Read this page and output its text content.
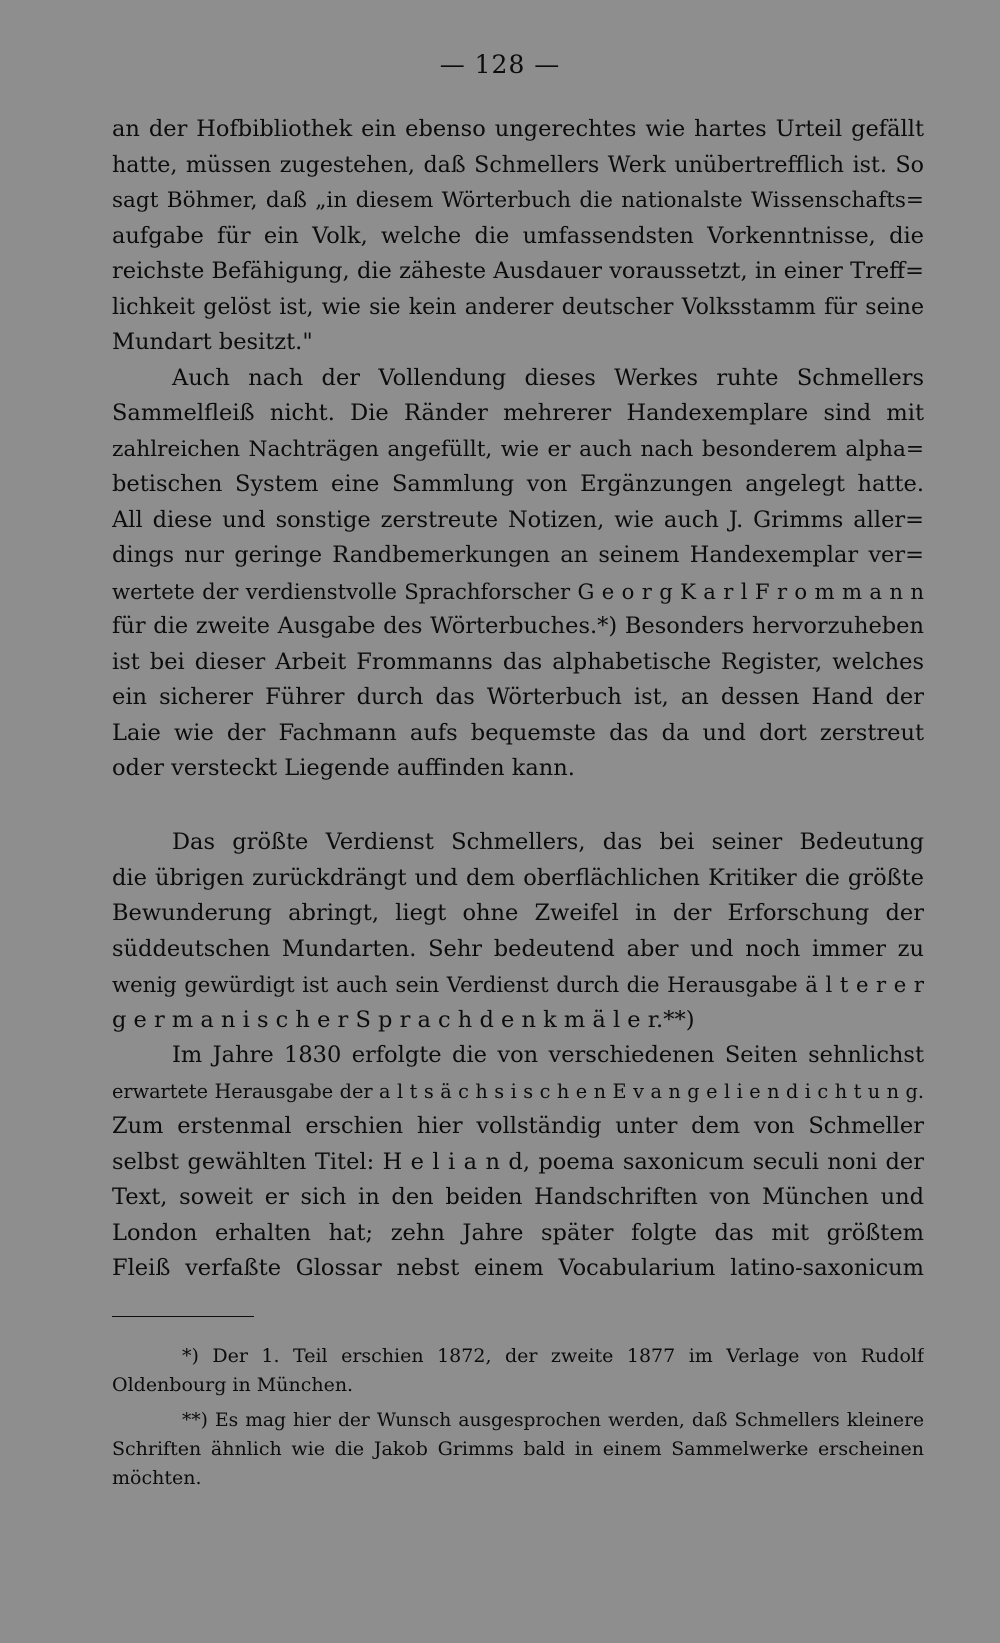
— 128 —
an der Hofbibliothek ein ebenso ungerechtes wie hartes Urteil gefällt
hatte, müssen zugestehen, daß Schmellers Werk unübertrefflich ist. So
sagt Böhmer, daß „in diesem Wörterbuch die nationalste Wissenschafts=
aufgabe für ein Volk, welche die umfassendsten Vorkenntnisse, die
reichste Befähigung, die zäheste Ausdauer voraussetzt, in einer Treff=
lichkeit gelöst ist, wie sie kein anderer deutscher Volksstamm für seine
Mundart besitzt."
Auch nach der Vollendung dieses Werkes ruhte Schmellers
Sammelfleiß nicht. Die Ränder mehrerer Handexemplare sind mit
zahlreichen Nachträgen angefüllt, wie er auch nach besonderem alpha=
betischen System eine Sammlung von Ergänzungen angelegt hatte.
All diese und sonstige zerstreute Notizen, wie auch J. Grimms aller=
dings nur geringe Randbemerkungen an seinem Handexemplar ver=
wertete der verdienstvolle Sprachforscher G e o r g K a r l F r o m m a n n
für die zweite Ausgabe des Wörterbuches.*) Besonders hervorzuheben
ist bei dieser Arbeit Frommanns das alphabetische Register, welches
ein sicherer Führer durch das Wörterbuch ist, an dessen Hand der
Laie wie der Fachmann aufs bequemste das da und dort zerstreut
oder versteckt Liegende auffinden kann.
Das größte Verdienst Schmellers, das bei seiner Bedeutung
die übrigen zurückdrängt und dem oberflächlichen Kritiker die größte
Bewunderung abringt, liegt ohne Zweifel in der Erforschung der
süddeutschen Mundarten. Sehr bedeutend aber und noch immer zu
wenig gewürdigt ist auch sein Verdienst durch die Herausgabe ä l t e r e r
g e r m a n i s c h e r S p r a c h d e n k m ä l e r.**)
Im Jahre 1830 erfolgte die von verschiedenen Seiten sehnlichst
erwartete Herausgabe der a l t s ä c h s i s c h e n E v a n g e l i e n d i c h t u n g.
Zum erstenmal erschien hier vollständig unter dem von Schmeller
selbst gewählten Titel: H e l i a n d, poema saxonicum seculi noni der
Text, soweit er sich in den beiden Handschriften von München und
London erhalten hat; zehn Jahre später folgte das mit größtem
Fleiß verfaßte Glossar nebst einem Vocabularium latino-saxonicum
*) Der 1. Teil erschien 1872, der zweite 1877 im Verlage von Rudolf
Oldenbourg in München.
**) Es mag hier der Wunsch ausgesprochen werden, daß Schmellers kleinere
Schriften ähnlich wie die Jakob Grimms bald in einem Sammelwerke erscheinen
möchten.
